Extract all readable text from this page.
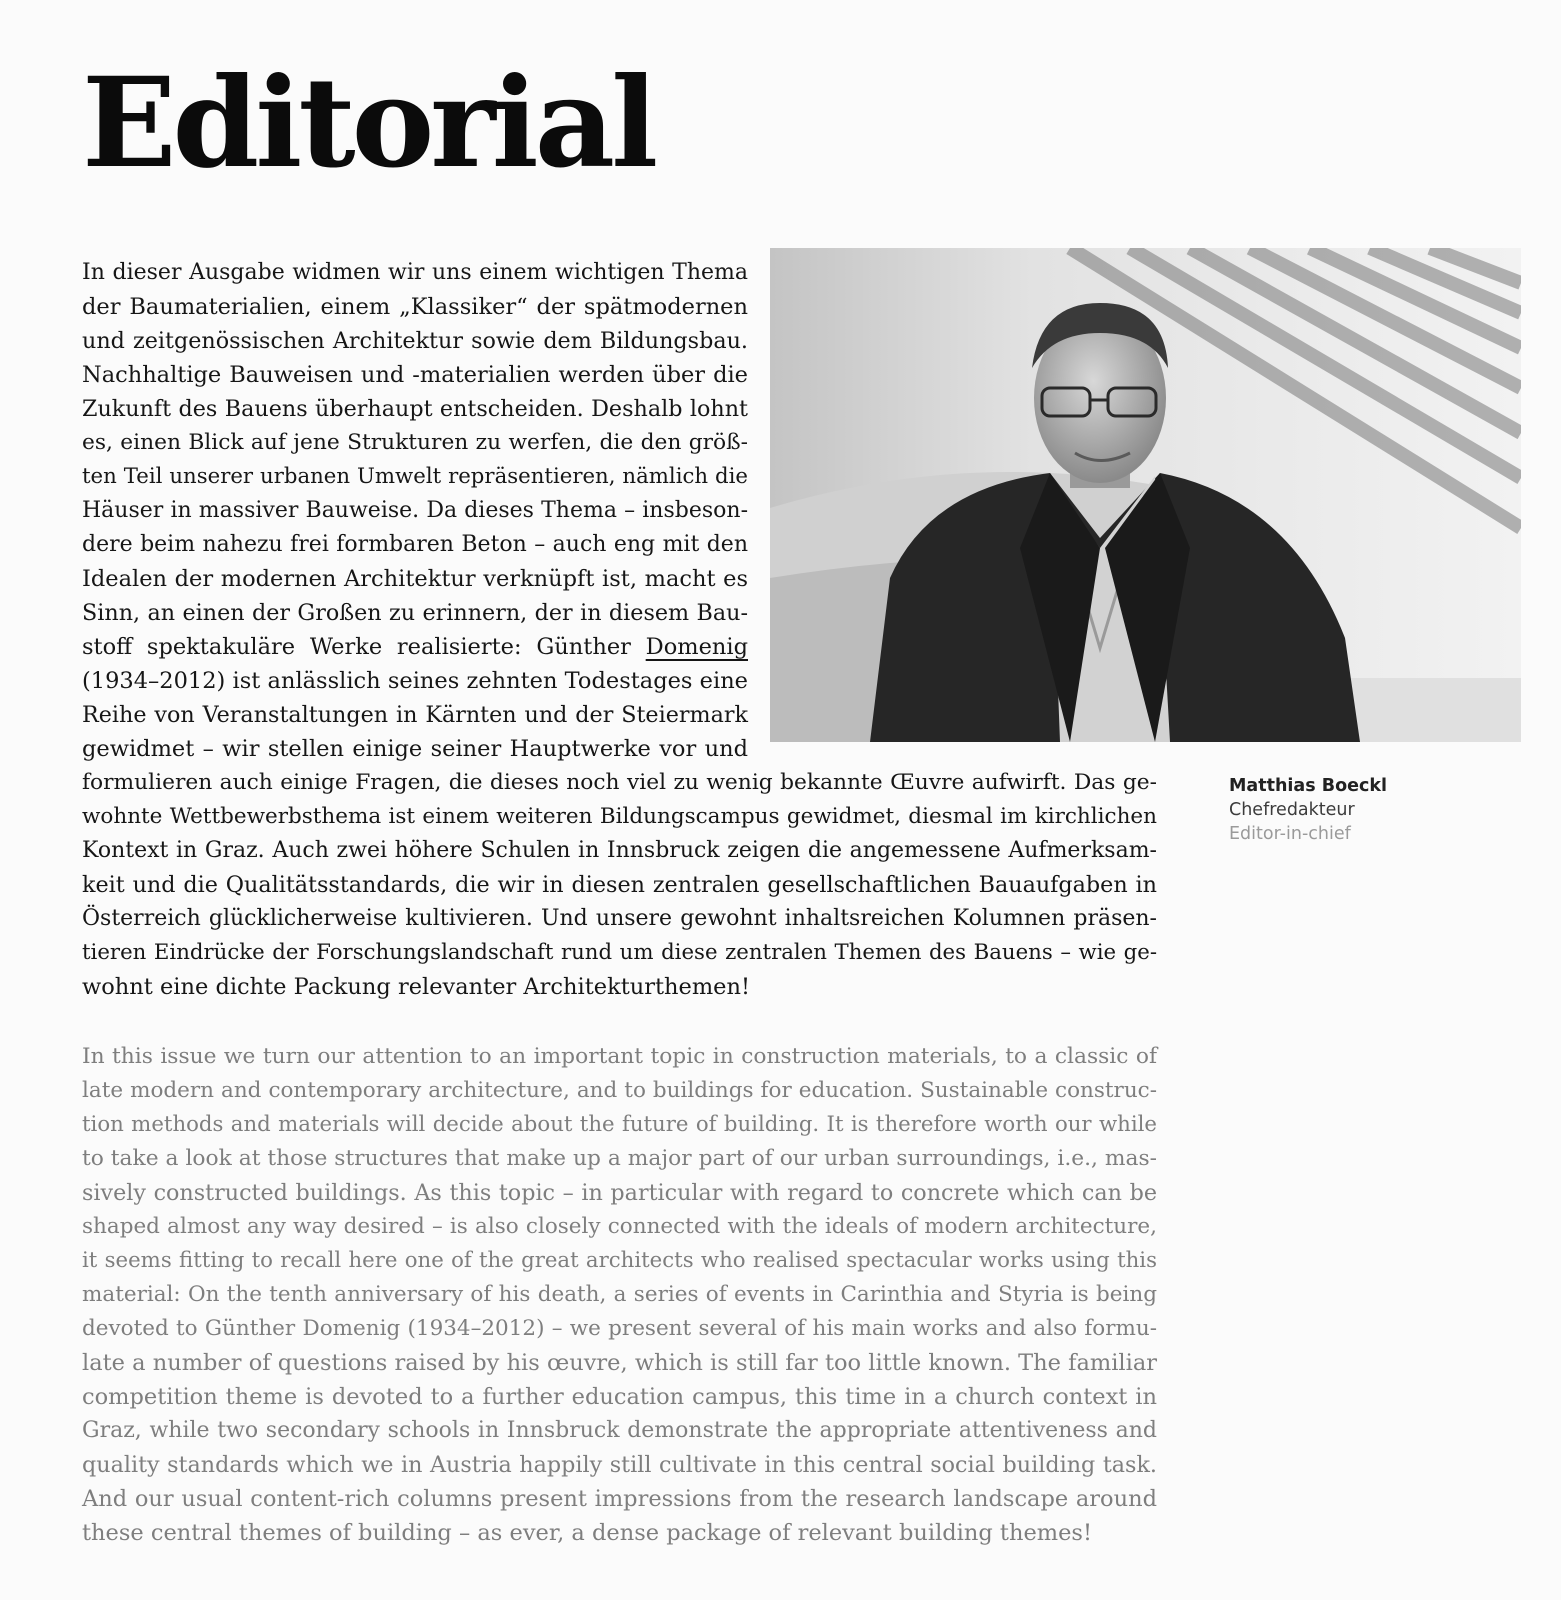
Editorial
Matthias Boeckl
Chefredakteur
Editor-in-chief
In dieser Ausgabe widmen wir uns einem wichtigen Thema
der Baumaterialien, einem „Klassiker“ der spätmodernen
und zeitgenössischen Architektur sowie dem Bildungsbau.
Nachhaltige Bauweisen und -materialien werden über die
Zukunft des Bauens überhaupt entscheiden. Deshalb lohnt
es, einen Blick auf jene Strukturen zu werfen, die den größ-
ten Teil unserer urbanen Umwelt repräsentieren, nämlich die
Häuser in massiver Bauweise. Da dieses Thema – insbeson-
dere beim nahezu frei formbaren Beton – auch eng mit den
Idealen der modernen Architektur verknüpft ist, macht es
Sinn, an einen der Großen zu erinnern, der in diesem Bau-
stoff spektakuläre Werke realisierte: Günther Domenig
(1934–2012) ist anlässlich seines zehnten Todestages eine
Reihe von Veranstaltungen in Kärnten und der Steiermark
gewidmet – wir stellen einige seiner Hauptwerke vor und
formulieren auch einige Fragen, die dieses noch viel zu wenig bekannte Œuvre aufwirft. Das ge-
wohnte Wettbewerbsthema ist einem weiteren Bildungscampus gewidmet, diesmal im kirchlichen
Kontext in Graz. Auch zwei höhere Schulen in Innsbruck zeigen die angemessene Aufmerksam-
keit und die Qualitätsstandards, die wir in diesen zentralen gesellschaftlichen Bauaufgaben in
Österreich glücklicherweise kultivieren. Und unsere gewohnt inhaltsreichen Kolumnen präsen-
tieren Eindrücke der Forschungslandschaft rund um diese zentralen Themen des Bauens – wie ge-
wohnt eine dichte Packung relevanter Architekturthemen!
In this issue we turn our attention to an important topic in construction materials, to a classic of
late modern and contemporary architecture, and to buildings for education. Sustainable construc-
tion methods and materials will decide about the future of building. It is therefore worth our while
to take a look at those structures that make up a major part of our urban surroundings, i.e., mas-
sively constructed buildings. As this topic – in particular with regard to concrete which can be
shaped almost any way desired – is also closely connected with the ideals of modern architecture,
it seems fitting to recall here one of the great architects who realised spectacular works using this
material: On the tenth anniversary of his death, a series of events in Carinthia and Styria is being
devoted to Günther Domenig (1934–2012) – we present several of his main works and also formu-
late a number of questions raised by his œuvre, which is still far too little known. The familiar
competition theme is devoted to a further education campus, this time in a church context in
Graz, while two secondary schools in Innsbruck demonstrate the appropriate attentiveness and
quality standards which we in Austria happily still cultivate in this central social building task.
And our usual content-rich columns present impressions from the research landscape around
these central themes of building – as ever, a dense package of relevant building themes!
